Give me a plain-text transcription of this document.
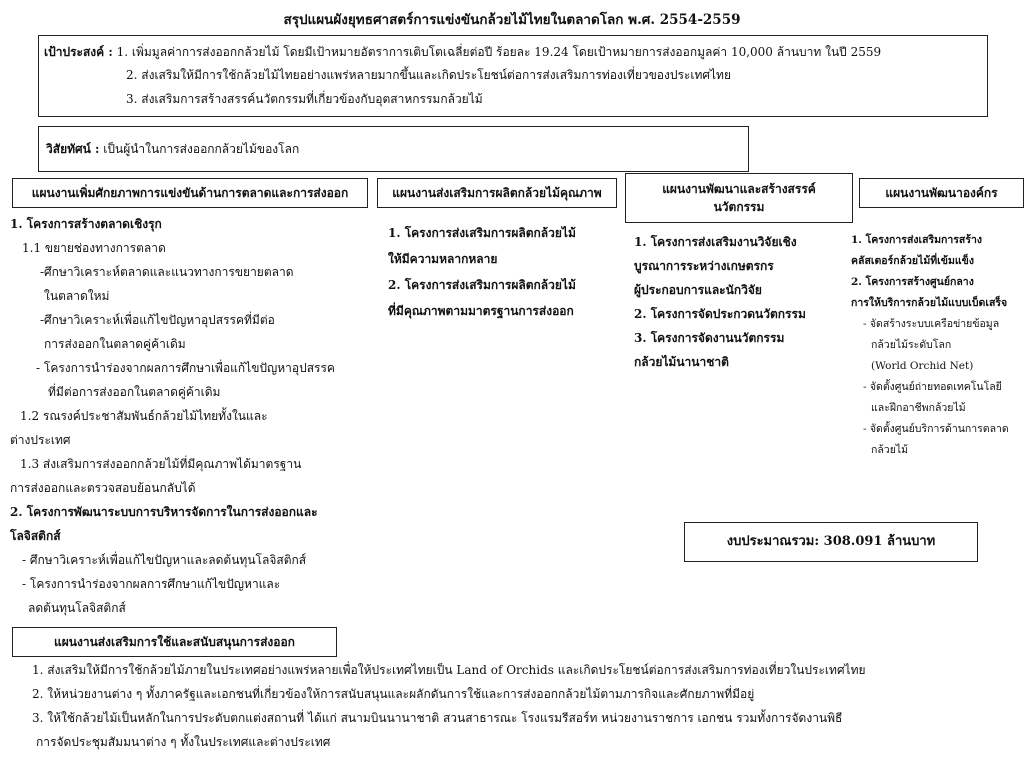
สรุปแผนผังยุทธศาสตร์การแข่งขันกล้วยไม้ไทยในตลาดโลก พ.ศ. 2554-2559
เป้าประสงค์ : 1. เพิ่มมูลค่าการส่งออกกล้วยไม้ โดยมีเป้าหมายอัตราการเติบโตเฉลี่ยต่อปี ร้อยละ 19.24 โดยเป้าหมายการส่งออกมูลค่า 10,000 ล้านบาท ในปี 2559
2. ส่งเสริมให้มีการใช้กล้วยไม้ไทยอย่างแพร่หลายมากขึ้นและเกิดประโยชน์ต่อการส่งเสริมการท่องเที่ยวของประเทศไทย
3. ส่งเสริมการสร้างสรรค์นวัตกรรมที่เกี่ยวข้องกับอุตสาหกรรมกล้วยไม้
วิสัยทัศน์ : เป็นผู้นำในการส่งออกกล้วยไม้ของโลก
แผนงานเพิ่มศักยภาพการแข่งขันด้านการตลาดและการส่งออก	แผนงานส่งเสริมการผลิตกล้วยไม้คุณภาพ	แผนงานพัฒนาและสร้างสรรค์
นวัตกรรม
แผนงานพัฒนาองค์กร
1. โครงการสร้างตลาดเชิงรุก
1.1 ขยายช่องทางการตลาด
-ศึกษาวิเคราะห์ตลาดและแนวทางการขยายตลาด
ในตลาดใหม่
-ศึกษาวิเคราะห์เพื่อแก้ไขปัญหาอุปสรรคที่มีต่อ
การส่งออกในตลาดคู่ค้าเดิม
- โครงการนำร่องจากผลการศึกษาเพื่อแก้ไขปัญหาอุปสรรค
ที่มีต่อการส่งออกในตลาดคู่ค้าเดิม
1.2 รณรงค์ประชาสัมพันธ์กล้วยไม้ไทยทั้งในและ
ต่างประเทศ
1.3 ส่งเสริมการส่งออกกล้วยไม้ที่มีคุณภาพได้มาตรฐาน
การส่งออกและตรวจสอบย้อนกลับได้
2. โครงการพัฒนาระบบการบริหารจัดการในการส่งออกและ
โลจิสติกส์
- ศึกษาวิเคราะห์เพื่อแก้ไขปัญหาและลดต้นทุนโลจิสติกส์
- โครงการนำร่องจากผลการศึกษาแก้ไขปัญหาและ
ลดต้นทุนโลจิสติกส์
1. โครงการส่งเสริมการผลิตกล้วยไม้
ให้มีความหลากหลาย
2. โครงการส่งเสริมการผลิตกล้วยไม้
ที่มีคุณภาพตามมาตรฐานการส่งออก
1. โครงการส่งเสริมงานวิจัยเชิง
บูรณาการระหว่างเกษตรกร
ผู้ประกอบการและนักวิจัย
2. โครงการจัดประกวดนวัตกรรม
3. โครงการจัดงานนวัตกรรม
กล้วยไม้นานาชาติ
1. โครงการส่งเสริมการสร้าง
คลัสเตอร์กล้วยไม้ที่เข้มแข็ง
2. โครงการสร้างศูนย์กลาง
การให้บริการกล้วยไม้แบบเบ็ดเสร็จ
- จัดสร้างระบบเครือข่ายข้อมูล
กล้วยไม้ระดับโลก
(World Orchid Net)
- จัดตั้งศูนย์ถ่ายทอดเทคโนโลยี
และฝึกอาชีพกล้วยไม้
- จัดตั้งศูนย์บริการด้านการตลาด
กล้วยไม้
งบประมาณรวม: 308.091 ล้านบาท
แผนงานส่งเสริมการใช้และสนับสนุนการส่งออก
1. ส่งเสริมให้มีการใช้กล้วยไม้ภายในประเทศอย่างแพร่หลายเพื่อให้ประเทศไทยเป็น Land of Orchids และเกิดประโยชน์ต่อการส่งเสริมการท่องเที่ยวในประเทศไทย
2. ให้หน่วยงานต่าง ๆ ทั้งภาครัฐและเอกชนที่เกี่ยวข้องให้การสนับสนุนและผลักดันการใช้และการส่งออกกล้วยไม้ตามภารกิจและศักยภาพที่มีอยู่
3. ให้ใช้กล้วยไม้เป็นหลักในการประดับตกแต่งสถานที่ ได้แก่ สนามบินนานาชาติ สวนสาธารณะ โรงแรมรีสอร์ท หน่วยงานราชการ เอกชน รวมทั้งการจัดงานพิธี
การจัดประชุมสัมมนาต่าง ๆ ทั้งในประเทศและต่างประเทศ
